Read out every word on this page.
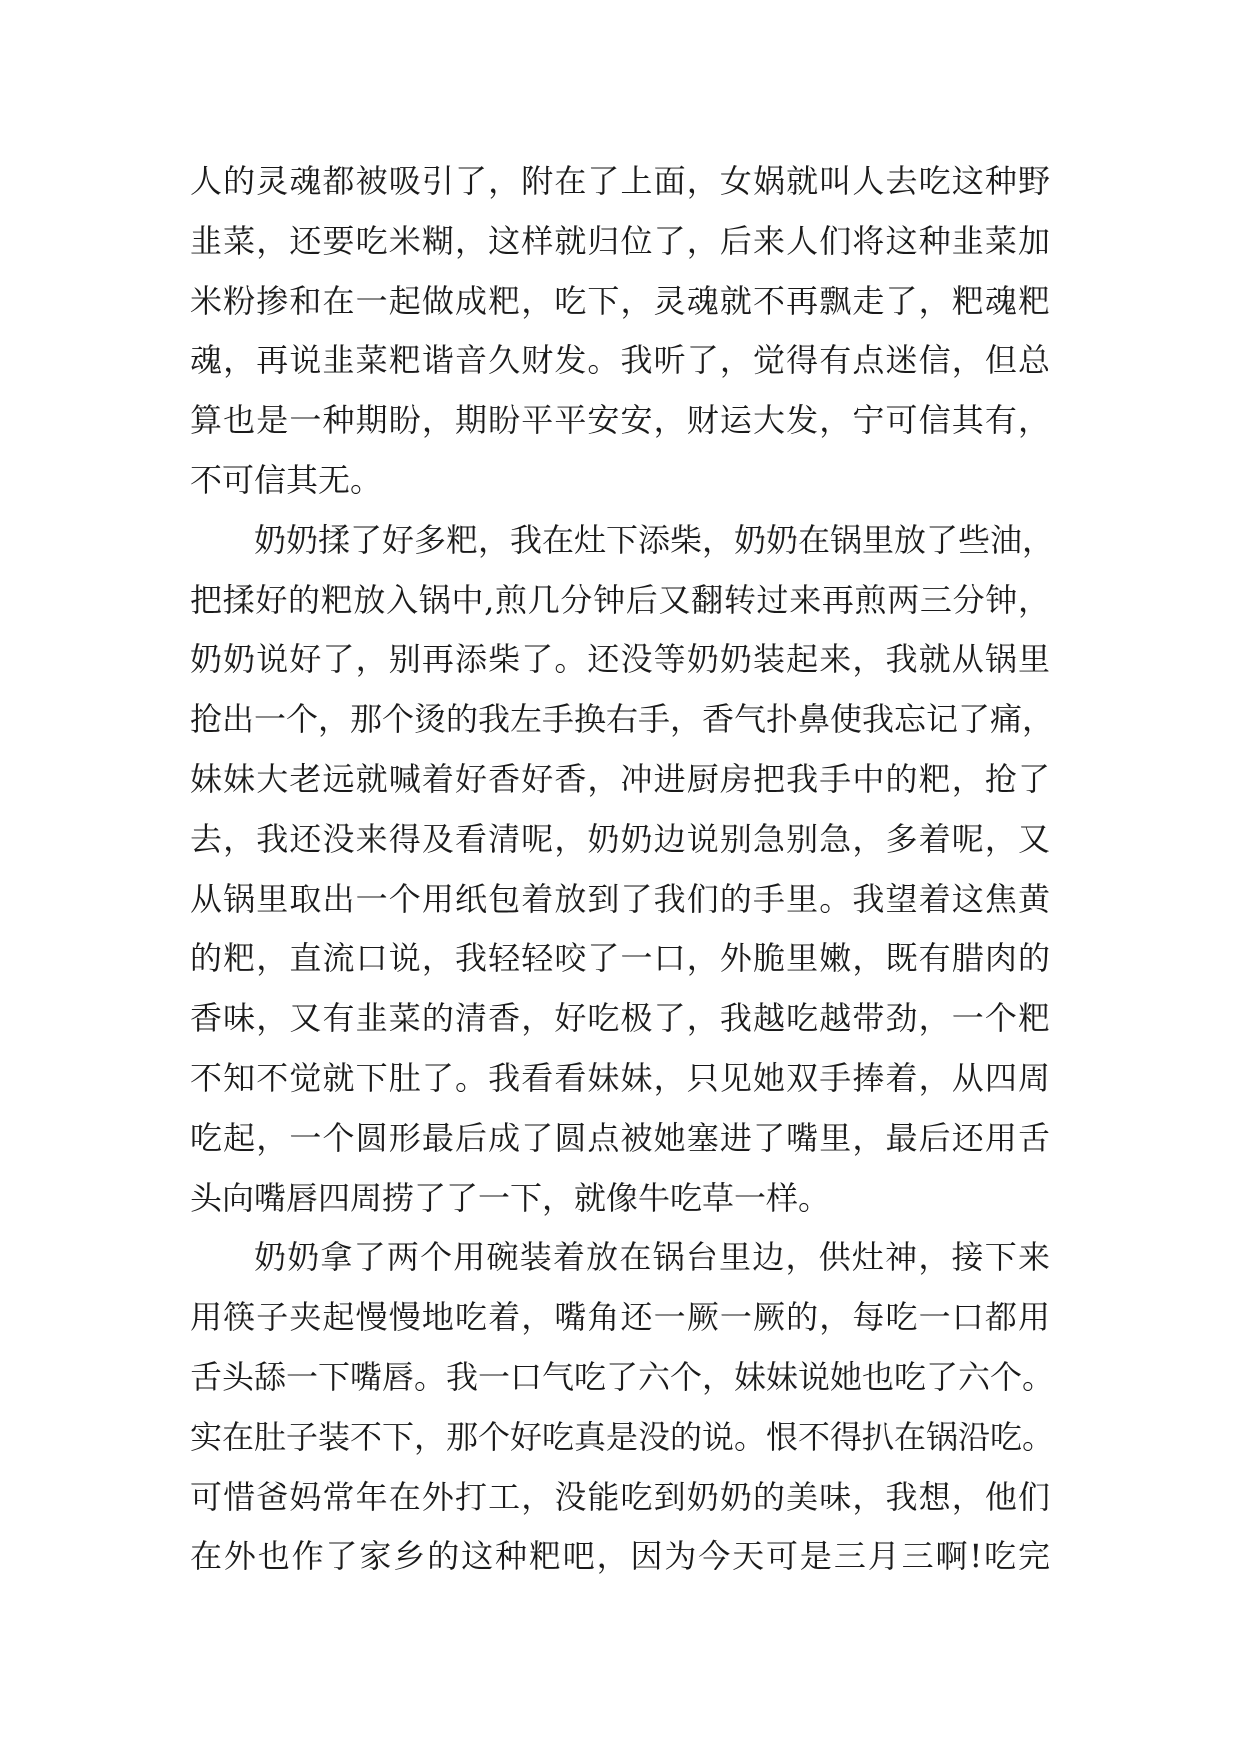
人的灵魂都被吸引了，附在了上面，女娲就叫人去吃这种野
韭菜，还要吃米糊，这样就归位了，后来人们将这种韭菜加
米粉掺和在一起做成粑，吃下，灵魂就不再飘走了，粑魂粑
魂，再说韭菜粑谐音久财发。我听了，觉得有点迷信，但总
算也是一种期盼，期盼平平安安，财运大发，宁可信其有，
不可信其无。
奶奶揉了好多粑，我在灶下添柴，奶奶在锅里放了些油，
把揉好的粑放入锅中,煎几分钟后又翻转过来再煎两三分钟，
奶奶说好了，别再添柴了。还没等奶奶装起来，我就从锅里
抢出一个，那个烫的我左手换右手，香气扑鼻使我忘记了痛，
妹妹大老远就喊着好香好香，冲进厨房把我手中的粑，抢了
去，我还没来得及看清呢，奶奶边说别急别急，多着呢，又
从锅里取出一个用纸包着放到了我们的手里。我望着这焦黄
的粑，直流口说，我轻轻咬了一口，外脆里嫩，既有腊肉的
香味，又有韭菜的清香，好吃极了，我越吃越带劲，一个粑
不知不觉就下肚了。我看看妹妹，只见她双手捧着，从四周
吃起，一个圆形最后成了圆点被她塞进了嘴里，最后还用舌
头向嘴唇四周捞了了一下，就像牛吃草一样。
奶奶拿了两个用碗装着放在锅台里边，供灶神，接下来
用筷子夹起慢慢地吃着，嘴角还一厥一厥的，每吃一口都用
舌头舔一下嘴唇。我一口气吃了六个，妹妹说她也吃了六个。
实在肚子装不下，那个好吃真是没的说。恨不得扒在锅沿吃。
可惜爸妈常年在外打工，没能吃到奶奶的美味，我想，他们
在外也作了家乡的这种粑吧，因为今天可是三月三啊!吃完
